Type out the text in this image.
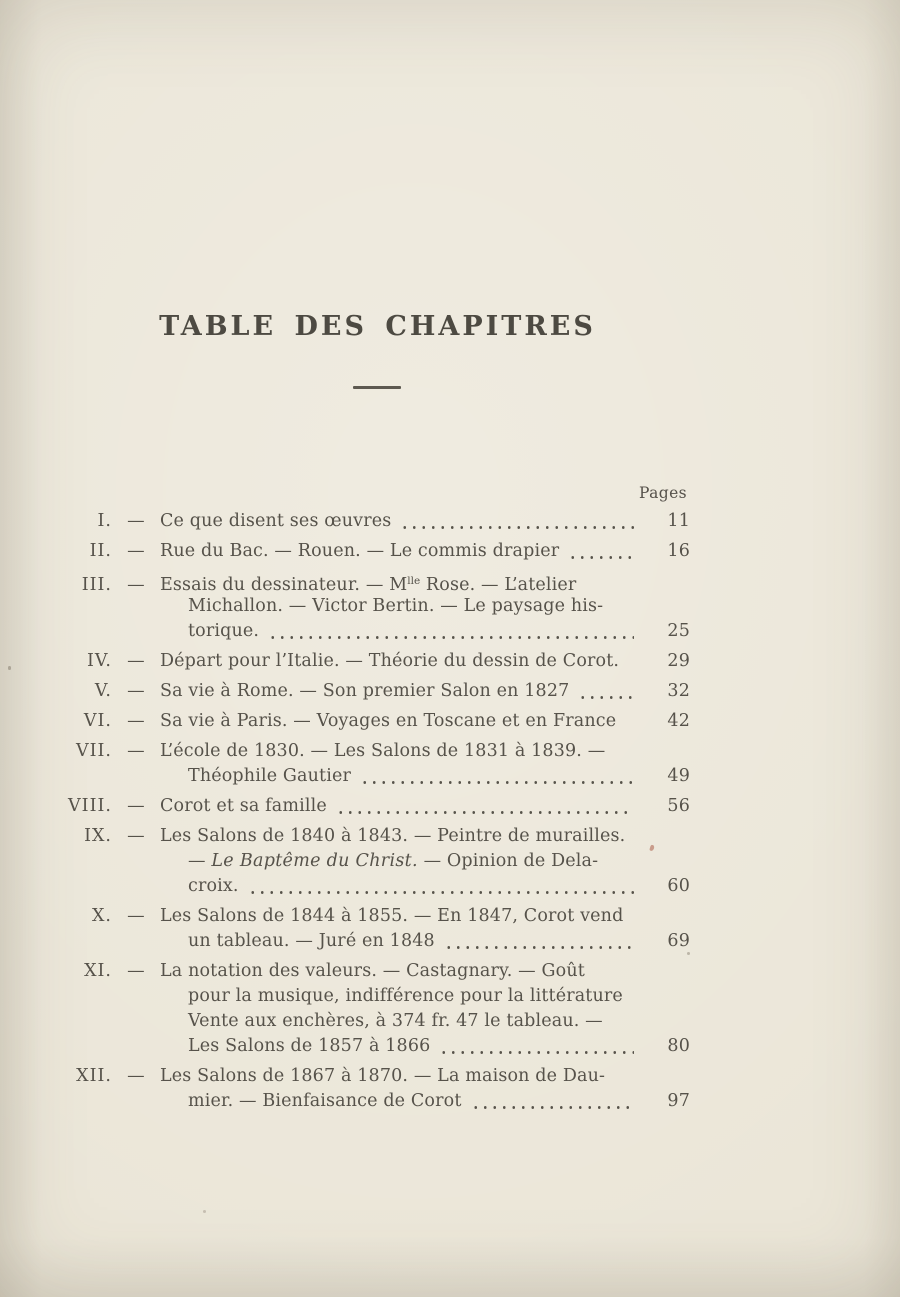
TABLE DES CHAPITRES
Pages
I. — Ce que disent ses œuvres	11
II. — Rue du Bac. — Rouen. — Le commis drapier	16
III. — Essais du dessinateur. — $M^{lle}$ Rose. — L’atelier
Michallon. — Victor Bertin. — Le paysage his-
torique.	25
IV. — Départ pour l’Italie. — Théorie du dessin de Corot.	29
V. — Sa vie à Rome. — Son premier Salon en 1827	32
VI. — Sa vie à Paris. — Voyages en Toscane et en France	42
VII. — L’école de 1830. — Les Salons de 1831 à 1839. —
Théophile Gautier	49
VIII. — Corot et sa famille	56
IX. — Les Salons de 1840 à 1843. — Peintre de murailles.
— Le Baptême du Christ. — Opinion de Dela-
croix.	60
X. — Les Salons de 1844 à 1855. — En 1847, Corot vend
un tableau. — Juré en 1848	69
XI. — La notation des valeurs. — Castagnary. — Goût
pour la musique, indifférence pour la littérature
Vente aux enchères, à 374 fr. 47 le tableau. —
Les Salons de 1857 à 1866	80
XII. — Les Salons de 1867 à 1870. — La maison de Dau-
mier. — Bienfaisance de Corot	97
